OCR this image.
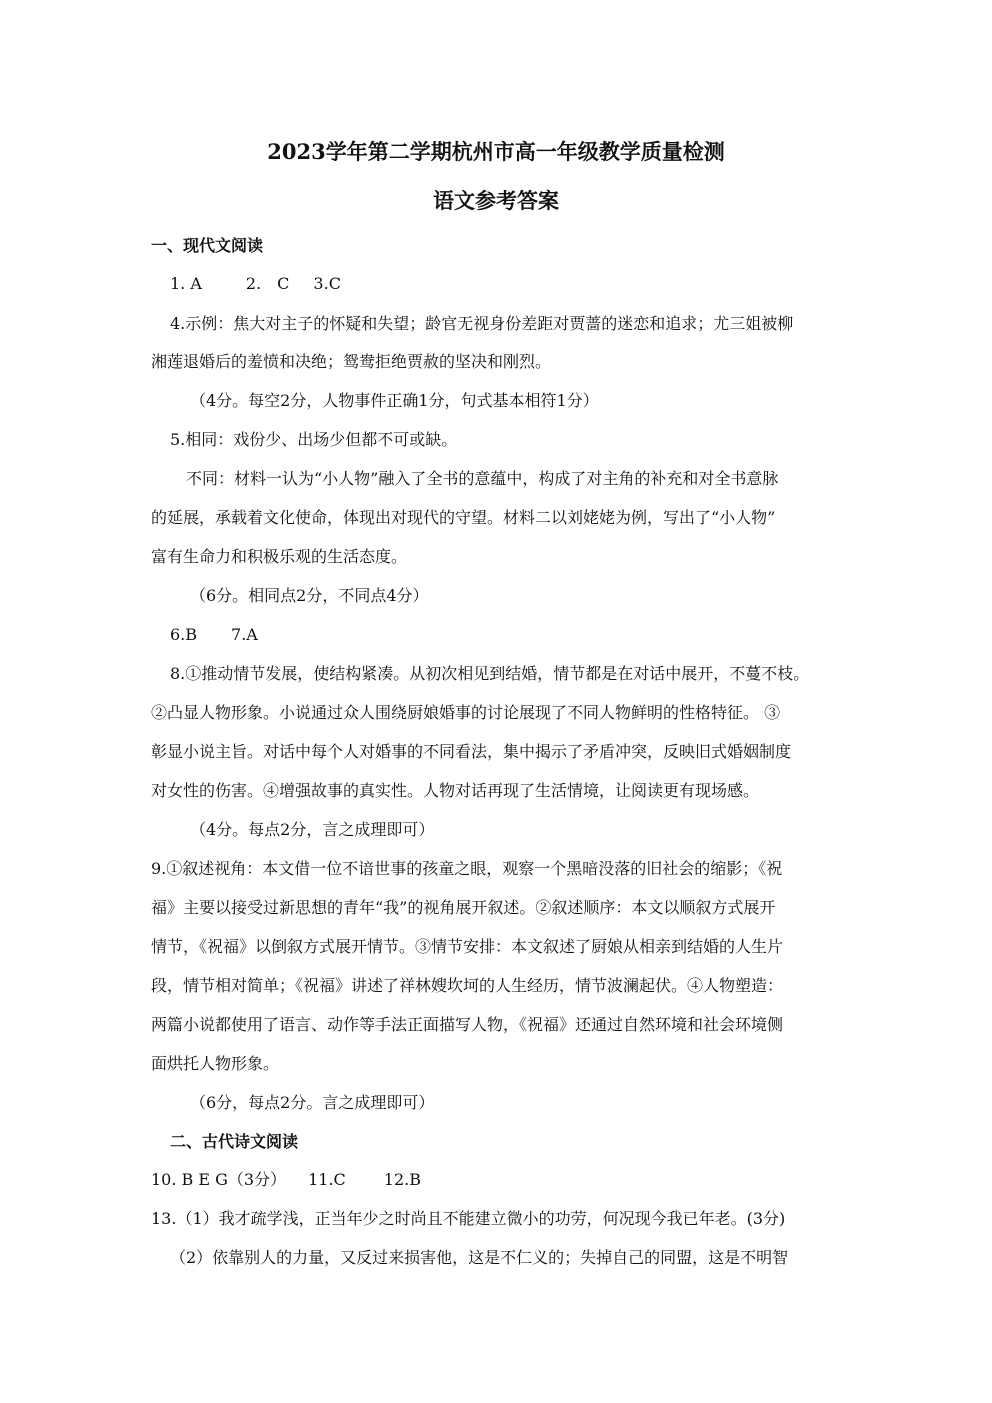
2023学年第二学期杭州市高一年级教学质量检测
语文参考答案
一、现代文阅读
1. A	2.　C 3.C
4.示例：焦大对主子的怀疑和失望；龄官无视身份差距对贾蔷的迷恋和追求；尤三姐被柳
湘莲退婚后的羞愤和决绝；鸳鸯拒绝贾赦的坚决和刚烈。
（4分。每空2分，人物事件正确1分，句式基本相符1分）
5.相同：戏份少、出场少但都不可或缺。
不同：材料一认为“小人物”融入了全书的意蕴中，构成了对主角的补充和对全书意脉
的延展，承载着文化使命，体现出对现代的守望。材料二以刘姥姥为例，写出了“小人物”
富有生命力和积极乐观的生活态度。
（6分。相同点2分，不同点4分）
6.B 7.A
8.①推动情节发展，使结构紧凑。从初次相见到结婚，情节都是在对话中展开，不蔓不枝。
②凸显人物形象。小说通过众人围绕厨娘婚事的讨论展现了不同人物鲜明的性格特征。 ③
彰显小说主旨。对话中每个人对婚事的不同看法，集中揭示了矛盾冲突，反映旧式婚姻制度
对女性的伤害。④增强故事的真实性。人物对话再现了生活情境，让阅读更有现场感。
（4分。每点2分，言之成理即可）
9.①叙述视角：本文借一位不谙世事的孩童之眼，观察一个黑暗没落的旧社会的缩影；《祝
福》主要以接受过新思想的青年“我”的视角展开叙述。②叙述顺序：本文以顺叙方式展开
情节，《祝福》以倒叙方式展开情节。③情节安排：本文叙述了厨娘从相亲到结婚的人生片
段，情节相对简单；《祝福》讲述了祥林嫂坎坷的人生经历，情节波澜起伏。④人物塑造：
两篇小说都使用了语言、动作等手法正面描写人物，《祝福》还通过自然环境和社会环境侧
面烘托人物形象。
（6分，每点2分。言之成理即可）
二、古代诗文阅读
10. B E G（3分） 11.C 12.B
13.（1）我才疏学浅，正当年少之时尚且不能建立微小的功劳，何况现今我已年老。(3分)
（2）依靠别人的力量，又反过来损害他，这是不仁义的；失掉自己的同盟，这是不明智
